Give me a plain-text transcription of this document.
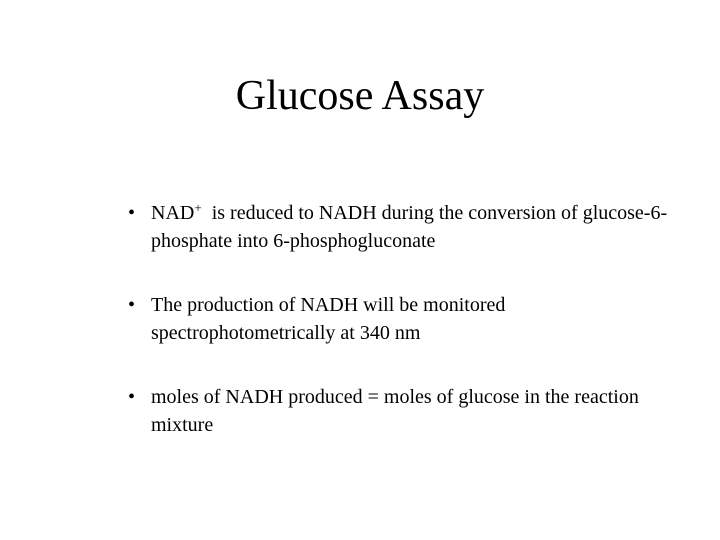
Glucose Assay
• NAD+  is reduced to NADH during the conversion of glucose-6-phosphate into 6-phosphogluconate
• The production of NADH will be monitored spectrophotometrically at 340 nm
• moles of NADH produced = moles of glucose in the reaction mixture
